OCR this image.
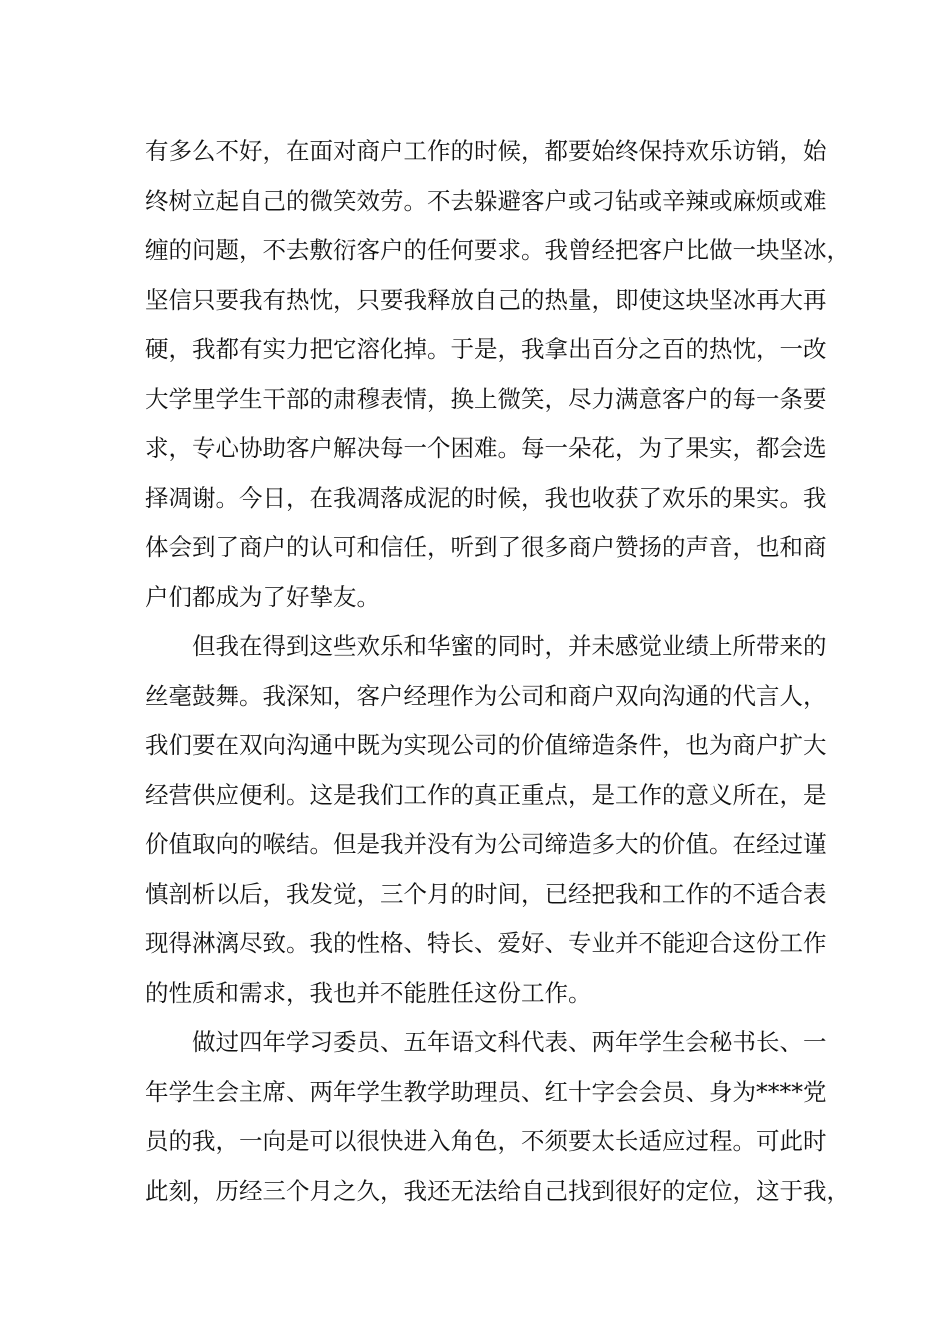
有多么不好，在面对商户工作的时候，都要始终保持欢乐访销，始
终树立起自己的微笑效劳。不去躲避客户或刁钻或辛辣或麻烦或难
缠的问题，不去敷衍客户的任何要求。我曾经把客户比做一块坚冰，
坚信只要我有热忱，只要我释放自己的热量，即使这块坚冰再大再
硬，我都有实力把它溶化掉。于是，我拿出百分之百的热忱，一改
大学里学生干部的肃穆表情，换上微笑，尽力满意客户的每一条要
求，专心协助客户解决每一个困难。每一朵花，为了果实，都会选
择凋谢。今日，在我凋落成泥的时候，我也收获了欢乐的果实。我
体会到了商户的认可和信任，听到了很多商户赞扬的声音，也和商
户们都成为了好挚友。
但我在得到这些欢乐和华蜜的同时，并未感觉业绩上所带来的
丝毫鼓舞。我深知，客户经理作为公司和商户双向沟通的代言人，
我们要在双向沟通中既为实现公司的价值缔造条件，也为商户扩大
经营供应便利。这是我们工作的真正重点，是工作的意义所在，是
价值取向的喉结。但是我并没有为公司缔造多大的价值。在经过谨
慎剖析以后，我发觉，三个月的时间，已经把我和工作的不适合表
现得淋漓尽致。我的性格、特长、爱好、专业并不能迎合这份工作
的性质和需求，我也并不能胜任这份工作。
做过四年学习委员、五年语文科代表、两年学生会秘书长、一
年学生会主席、两年学生教学助理员、红十字会会员、身为****党
员的我，一向是可以很快进入角色，不须要太长适应过程。可此时
此刻，历经三个月之久，我还无法给自己找到很好的定位，这于我，
